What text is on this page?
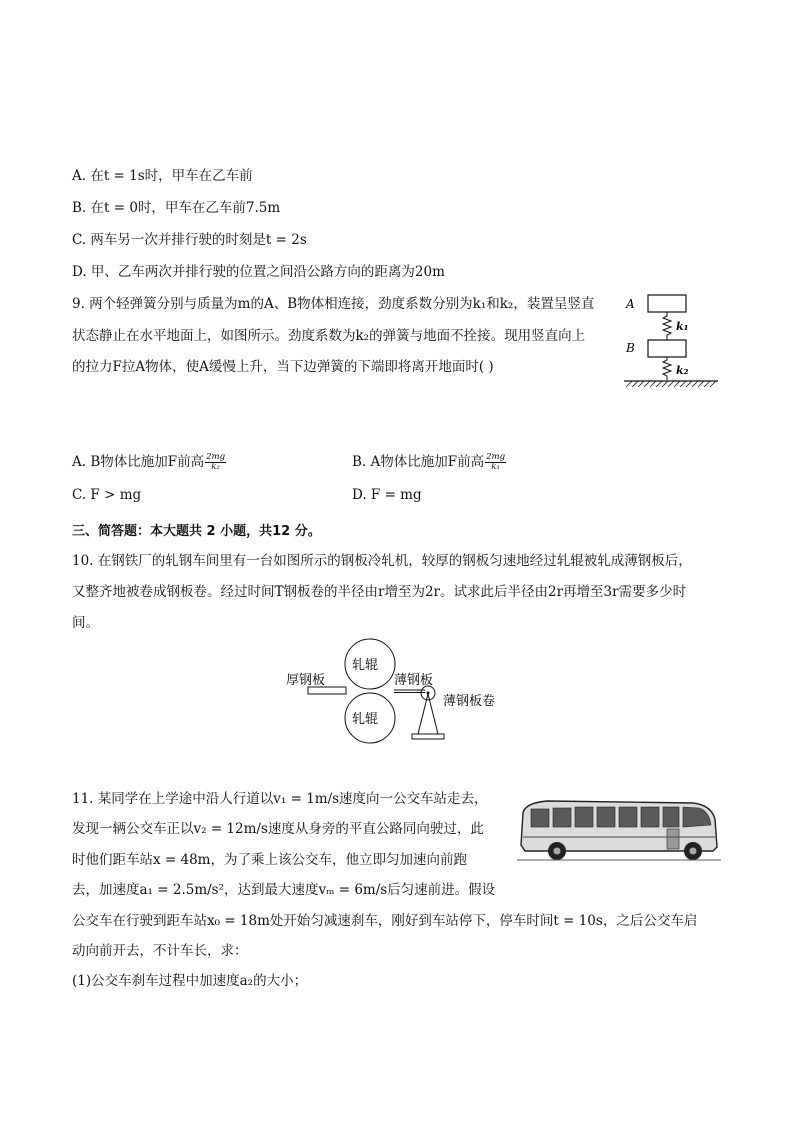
A. 在t = 1s时，甲车在乙车前
B. 在t = 0时，甲车在乙车前7.5m
C. 两车另一次并排行驶的时刻是t = 2s
D. 甲、乙车两次并排行驶的位置之间沿公路方向的距离为20m
9. 两个轻弹簧分别与质量为m的A、B物体相连接，劲度系数分别为k₁和k₂，装置呈竖直
状态静止在水平地面上，如图所示。劲度系数为k₂的弹簧与地面不拴接。现用竖直向上
的拉力F拉A物体，使A缓慢上升，当下边弹簧的下端即将离开地面时( )
A
k₁
B
k₂
A. B物体比施加F前高 $\frac{2mg}{\text{k₂}}$	B. A物体比施加F前高 $\frac{2mg}{\text{k₁}}$
C. F > mg	D. F = mg
三、简答题：本大题共 2 小题，共12 分。
10. 在钢铁厂的轧钢车间里有一台如图所示的钢板冷轧机，较厚的钢板匀速地经过轧辊被轧成薄钢板后，
又整齐地被卷成钢板卷。经过时间T钢板卷的半径由r增至为2r。试求此后半径由2r再增至3r需要多少时
间。
轧辊
轧辊
厚钢板	薄钢板
薄钢板卷
11. 某同学在上学途中沿人行道以v₁ = 1m/s速度向一公交车站走去，
发现一辆公交车正以v₂ = 12m/s速度从身旁的平直公路同向驶过，此
时他们距车站x = 48m，为了乘上该公交车，他立即匀加速向前跑
去，加速度a₁ = 2.5m/s²，达到最大速度vₘ = 6m/s后匀速前进。假设
公交车在行驶到距车站x₀ = 18m处开始匀减速刹车，刚好到车站停下，停车时间t = 10s，之后公交车启
动向前开去，不计车长，求：
(1)公交车刹车过程中加速度a₂的大小；
